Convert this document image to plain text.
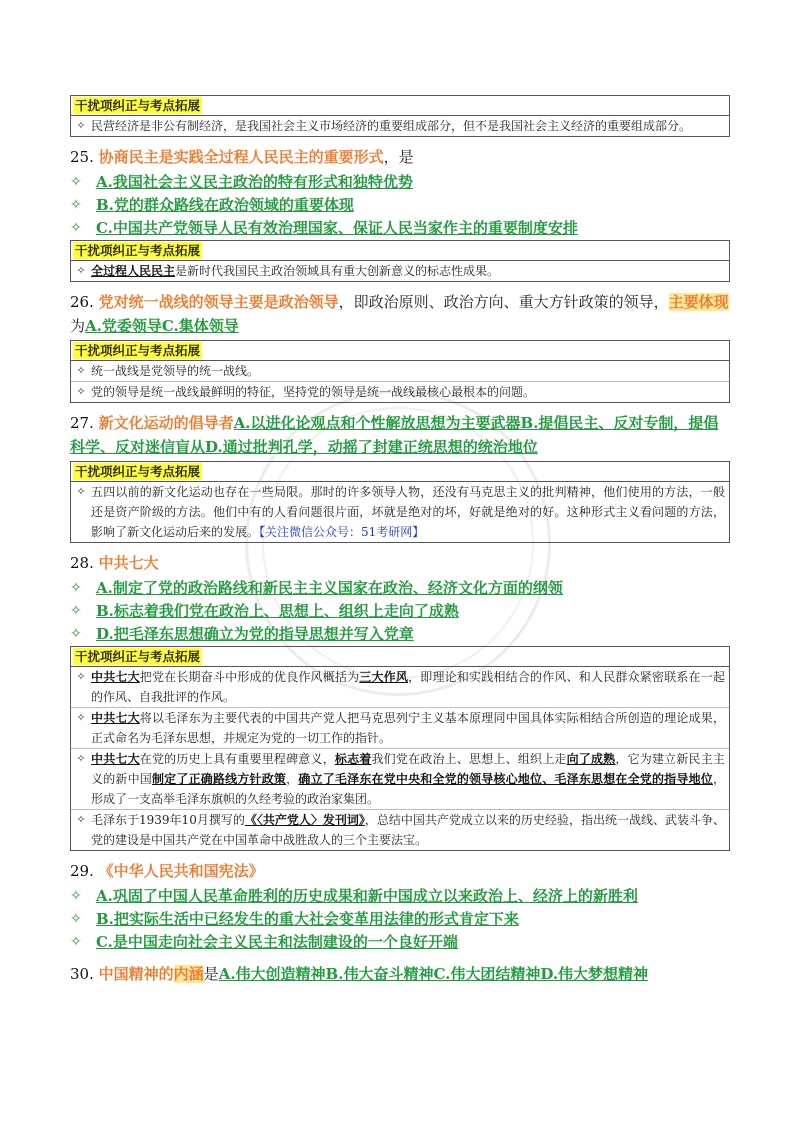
干扰项纠正与考点拓展
✧ 民营经济是非公有制经济，是我国社会主义市场经济的重要组成部分，但不是我国社会主义经济的重要组成部分。
25. 协商民主是实践全过程人民民主的重要形式，是
✧ A.我国社会主义民主政治的特有形式和独特优势
✧ B.党的群众路线在政治领域的重要体现
✧ C.中国共产党领导人民有效治理国家、保证人民当家作主的重要制度安排
干扰项纠正与考点拓展
✧ 全过程人民民主是新时代我国民主政治领域具有重大创新意义的标志性成果。
26. 党对统一战线的领导主要是政治领导，即政治原则、政治方向、重大方针政策的领导，主要体现为A.党委领导C.集体领导
干扰项纠正与考点拓展
✧ 统一战线是党领导的统一战线。
✧ 党的领导是统一战线最鲜明的特征，坚持党的领导是统一战线最核心最根本的问题。
27. 新文化运动的倡导者A.以进化论观点和个性解放思想为主要武器B.提倡民主、反对专制，提倡科学、反对迷信盲从D.通过批判孔学，动摇了封建正统思想的统治地位
干扰项纠正与考点拓展
✧ 五四以前的新文化运动也存在一些局限。那时的许多领导人物，还没有马克思主义的批判精神，他们使用的方法，一般还是资产阶级的方法。他们中有的人看问题很片面，坏就是绝对的坏，好就是绝对的好。这种形式主义看问题的方法，影响了新文化运动后来的发展。【关注微信公众号：51考研网】
28. 中共七大
✧ A.制定了党的政治路线和新民主主义国家在政治、经济文化方面的纲领
✧ B.标志着我们党在政治上、思想上、组织上走向了成熟
✧ D.把毛泽东思想确立为党的指导思想并写入党章
干扰项纠正与考点拓展
✧ 中共七大把党在长期奋斗中形成的优良作风概括为三大作风，即理论和实践相结合的作风、和人民群众紧密联系在一起的作风、自我批评的作风。
✧ 中共七大将以毛泽东为主要代表的中国共产党人把马克思列宁主义基本原理同中国具体实际相结合所创造的理论成果，正式命名为毛泽东思想，并规定为党的一切工作的指针。
✧ 中共七大在党的历史上具有重要里程碑意义，标志着我们党在政治上、思想上、组织上走向了成熟，它为建立新民主主义的新中国制定了正确路线方针政策，确立了毛泽东在党中央和全党的领导核心地位、毛泽东思想在全党的指导地位，形成了一支高举毛泽东旗帜的久经考验的政治家集团。
✧ 毛泽东于1939年10月撰写的《〈共产党人〉发刊词》，总结中国共产党成立以来的历史经验，指出统一战线、武装斗争、党的建设是中国共产党在中国革命中战胜敌人的三个主要法宝。
29. 《中华人民共和国宪法》
✧ A.巩固了中国人民革命胜利的历史成果和新中国成立以来政治上、经济上的新胜利
✧ B.把实际生活中已经发生的重大社会变革用法律的形式肯定下来
✧ C.是中国走向社会主义民主和法制建设的一个良好开端
30. 中国精神的内涵是A.伟大创造精神B.伟大奋斗精神C.伟大团结精神D.伟大梦想精神
